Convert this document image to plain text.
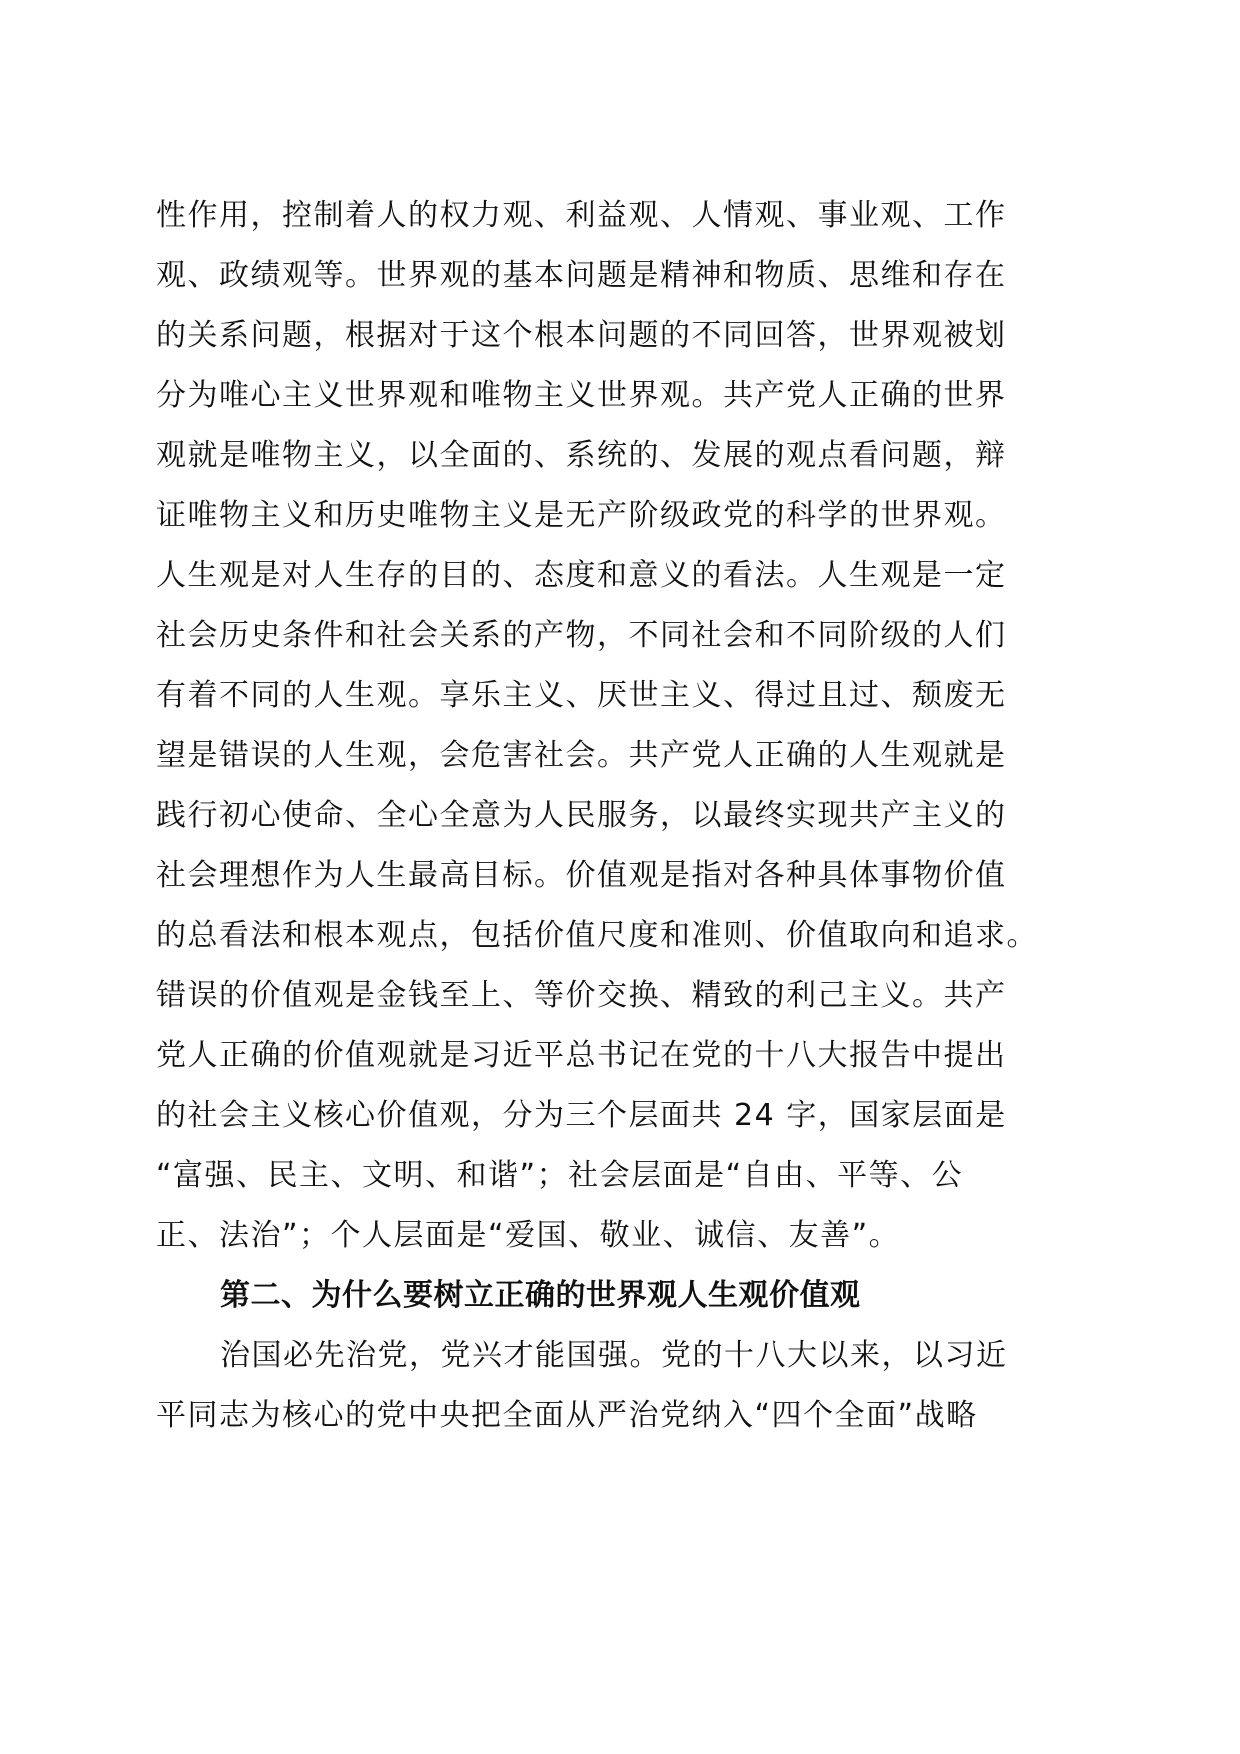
性作用，控制着人的权力观、利益观、人情观、事业观、工作
观、政绩观等。世界观的基本问题是精神和物质、思维和存在
的关系问题，根据对于这个根本问题的不同回答，世界观被划
分为唯心主义世界观和唯物主义世界观。共产党人正确的世界
观就是唯物主义，以全面的、系统的、发展的观点看问题，辩
证唯物主义和历史唯物主义是无产阶级政党的科学的世界观。
人生观是对人生存的目的、态度和意义的看法。人生观是一定
社会历史条件和社会关系的产物，不同社会和不同阶级的人们
有着不同的人生观。享乐主义、厌世主义、得过且过、颓废无
望是错误的人生观，会危害社会。共产党人正确的人生观就是
践行初心使命、全心全意为人民服务，以最终实现共产主义的
社会理想作为人生最高目标。价值观是指对各种具体事物价值
的总看法和根本观点，包括价值尺度和准则、价值取向和追求。
错误的价值观是金钱至上、等价交换、精致的利己主义。共产
党人正确的价值观就是习近平总书记在党的十八大报告中提出
的社会主义核心价值观，分为三个层面共 24 字，国家层面是
“富强、民主、文明、和谐”；社会层面是“自由、平等、公
正、法治”；个人层面是“爱国、敬业、诚信、友善”。
第二、为什么要树立正确的世界观人生观价值观
治国必先治党，党兴才能国强。党的十八大以来，以习近
平同志为核心的党中央把全面从严治党纳入“四个全面”战略
